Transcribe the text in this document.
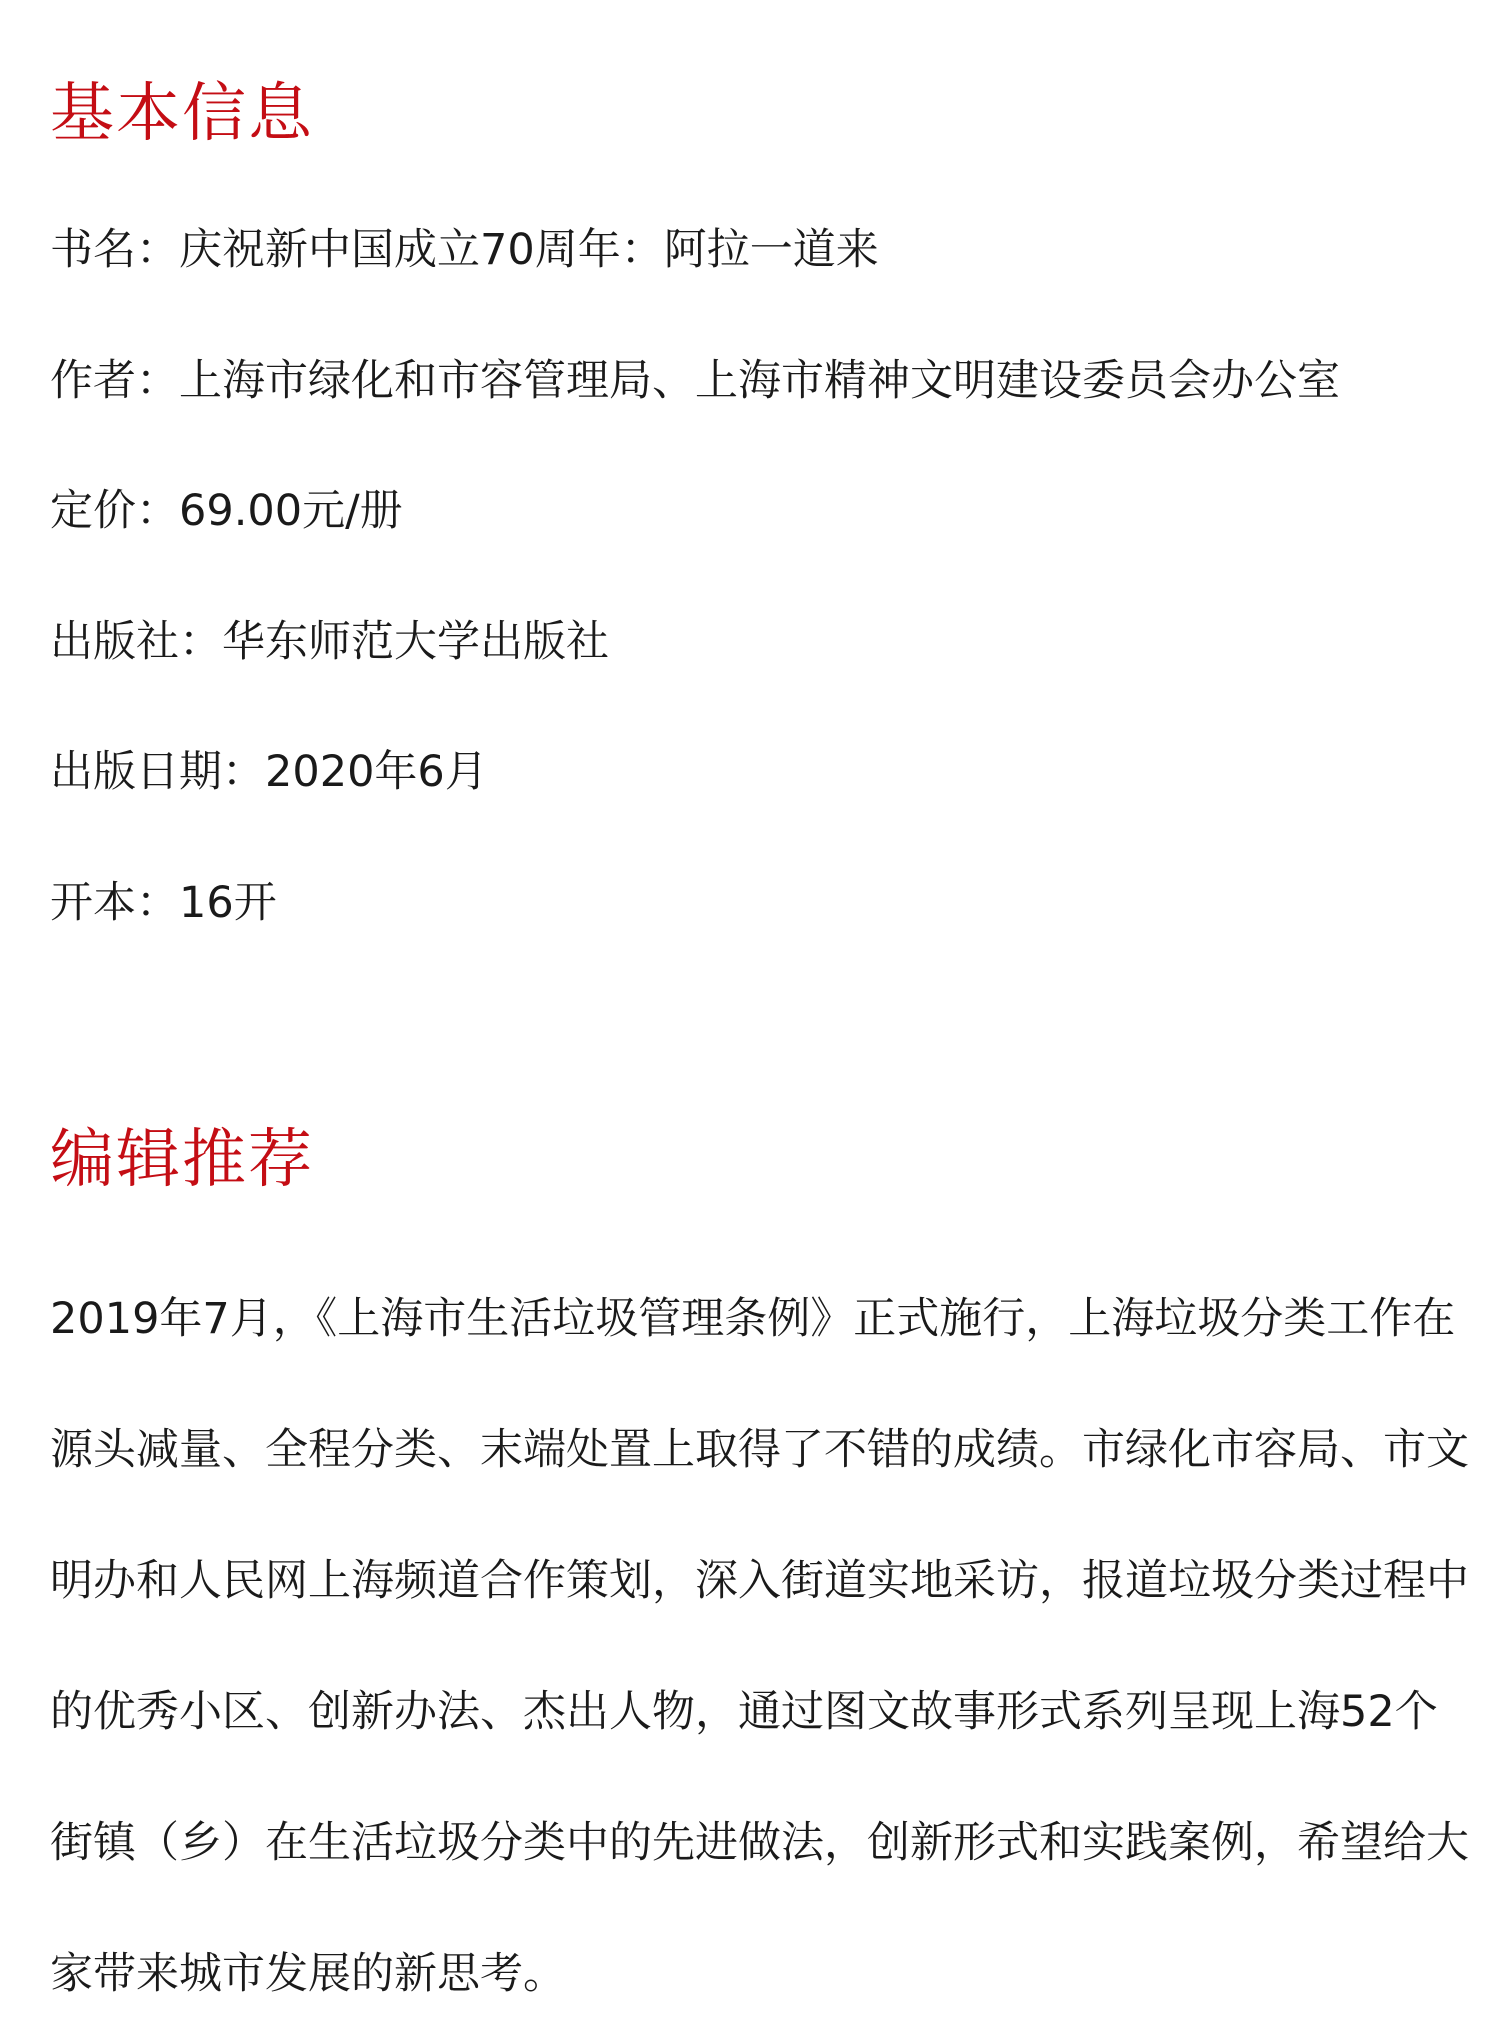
基本信息
书名：庆祝新中国成立70周年：阿拉一道来
作者：上海市绿化和市容管理局、上海市精神文明建设委员会办公室
定价：69.00元/册
出版社：华东师范大学出版社
出版日期：2020年6月
开本：16开
编辑推荐

2019年7月，《上海市生活垃圾管理条例》正式施行，上海垃圾分类工作在源头减量、全程分类、末端处置上取得了不错的成绩。市绿化市容局、市文明办和人民网上海频道合作策划，深入街道实地采访，报道垃圾分类过程中的优秀小区、创新办法、杰出人物，通过图文故事形式系列呈现上海52个街镇（乡）在生活垃圾分类中的先进做法，创新形式和实践案例，希望给大家带来城市发展的新思考。
